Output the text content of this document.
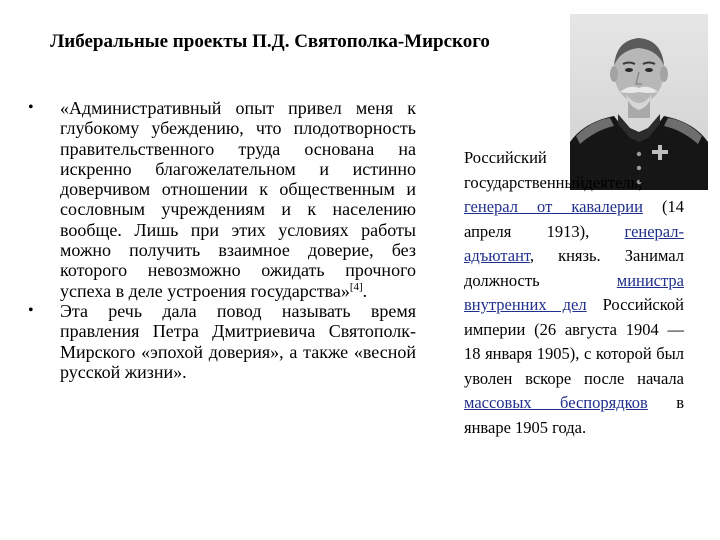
Либеральные проекты П.Д. Святополка-Мирского
• «Административный опыт привел меня к глубокому убеждению, что плодотворность правительственного труда основана на искренно благожелательном и истинно доверчивом отношении к общественным и сословным учреждениям и к населению вообще. Лишь при этих условиях работы можно получить взаимное доверие, без которого невозможно ожидать прочного успеха в деле устроения государства»[4].
• Эта речь дала повод называть время правления Петра Дмитриевича Святополк-Мирского «эпохой доверия», а также «весной русской жизни».

Российский государственныйдеятель; генерал от кавалерии (14 апреля 1913), генерал-адъютант, князь. Занимал должность министра внутренних дел Российской империи (26 августа 1904 — 18 января 1905), с которой был уволен вскоре после начала массовых беспорядков в январе 1905 года.
